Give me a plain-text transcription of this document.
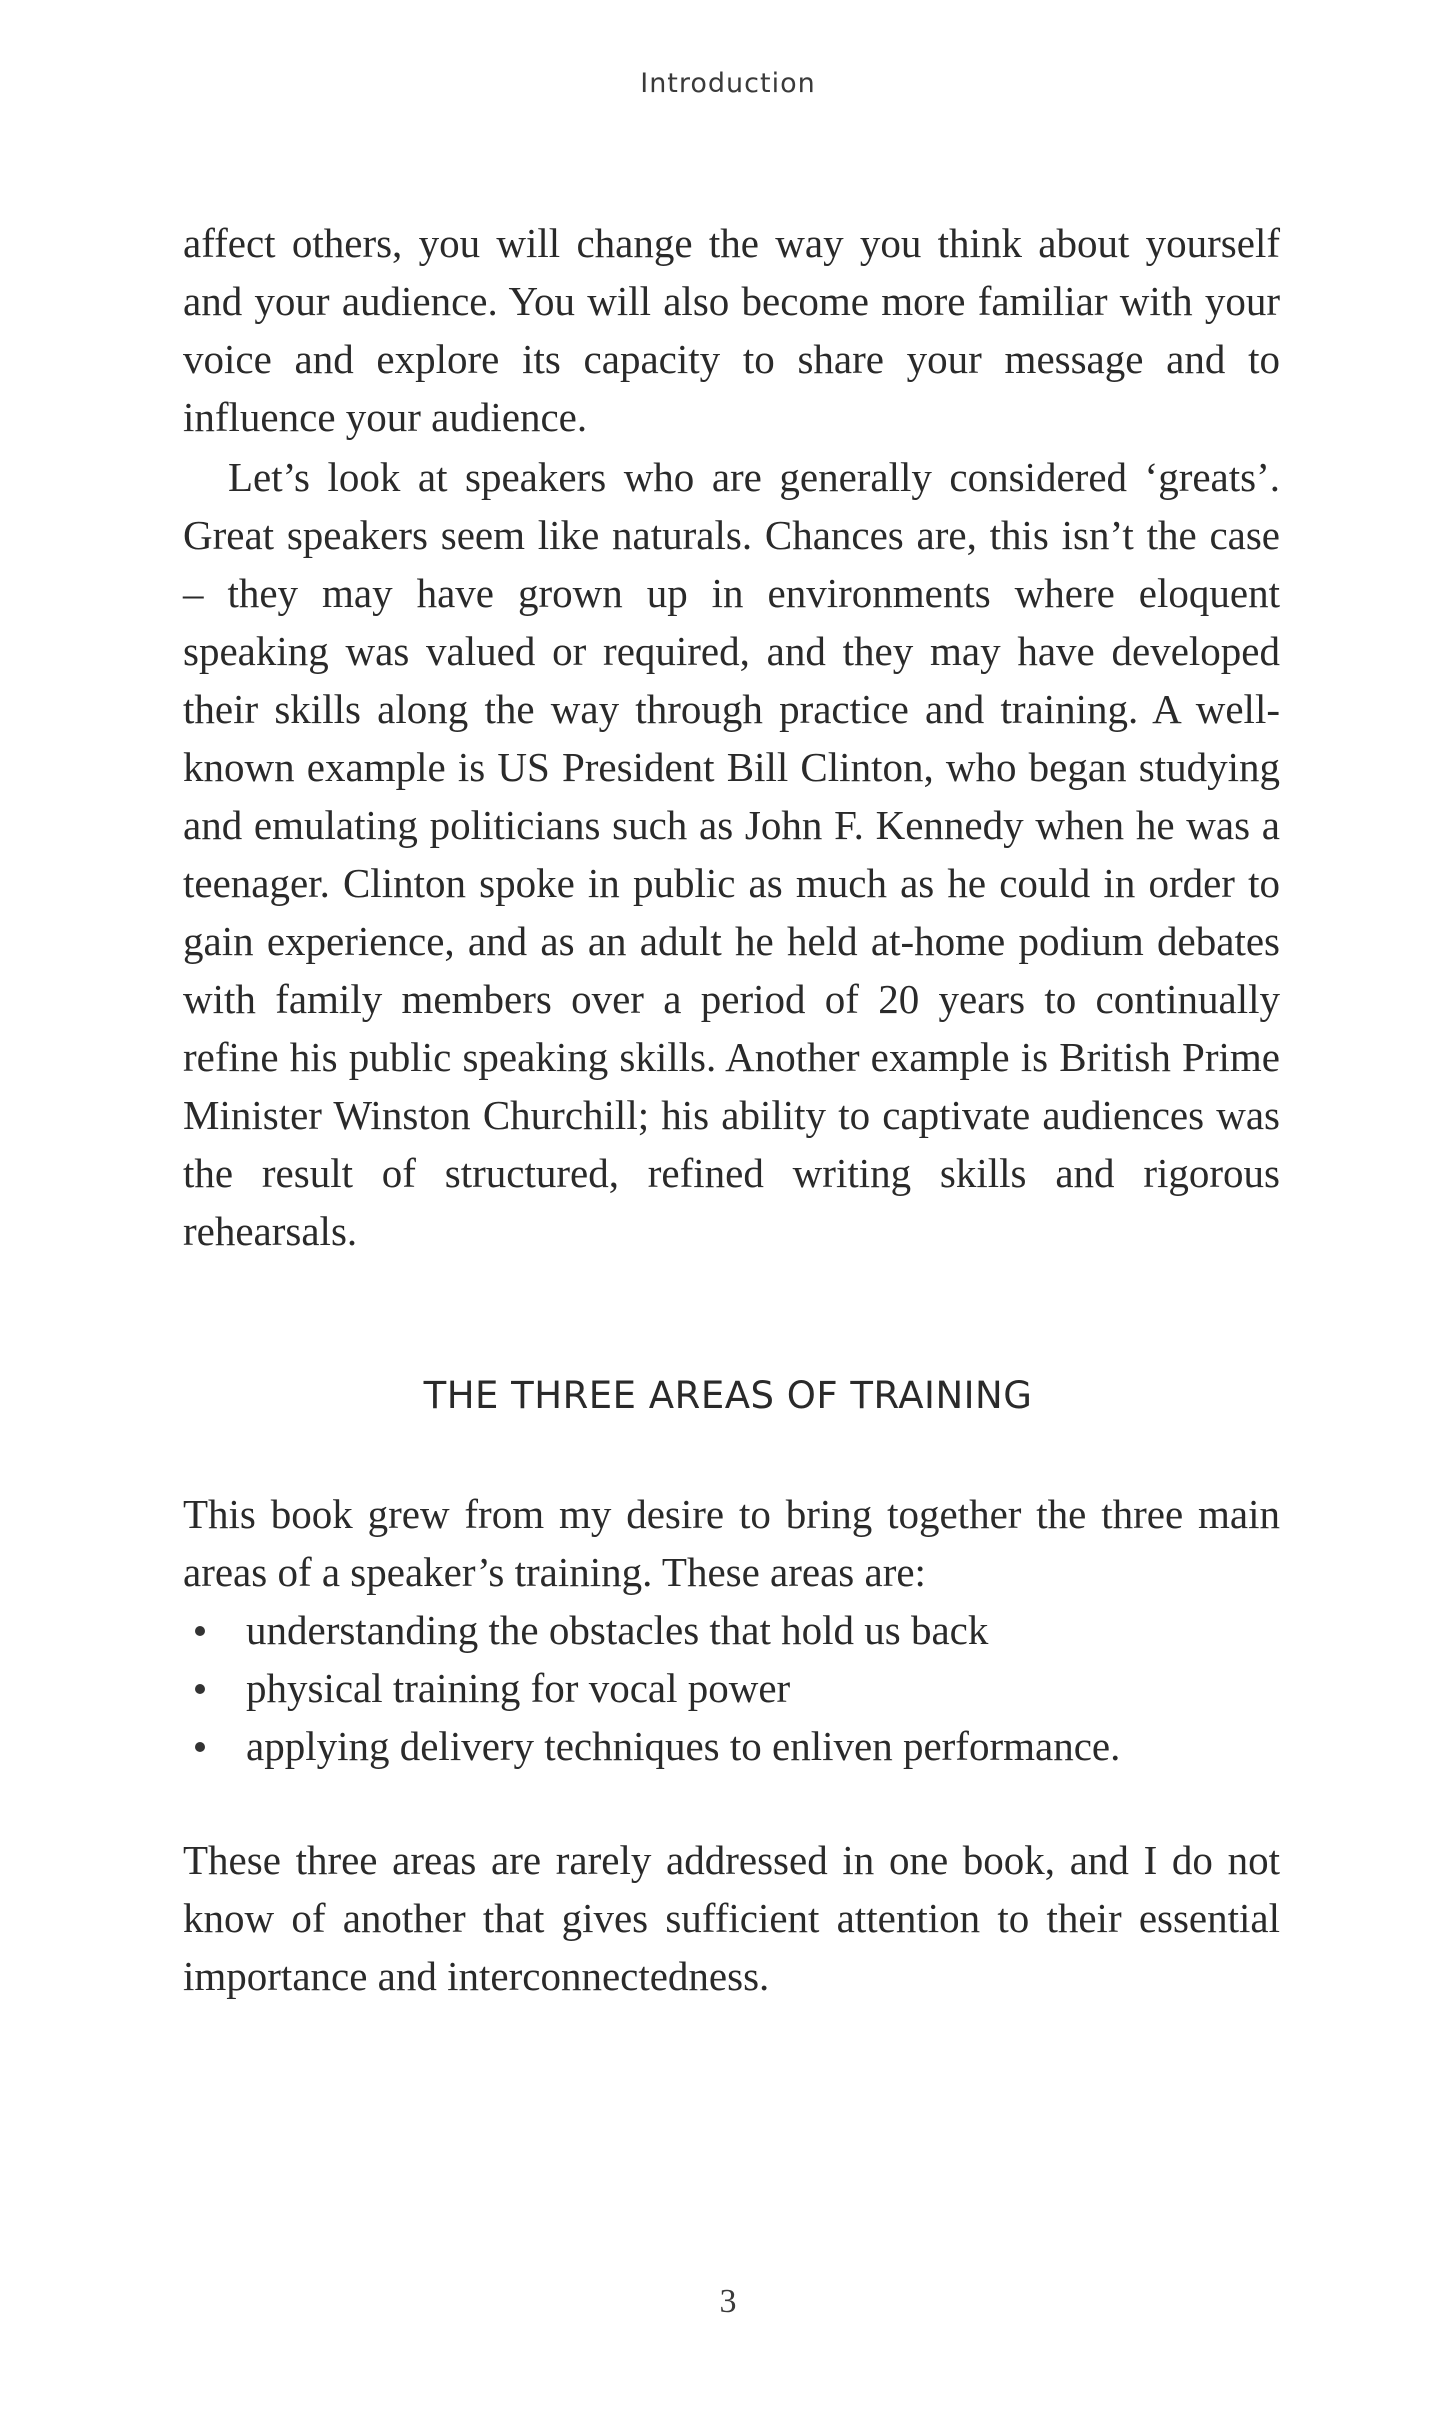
Introduction

affect others, you will change the way you think about yourself and your audience. You will also become more familiar with your voice and explore its capacity to share your message and to influence your audience.

Let’s look at speakers who are generally considered ‘greats’. Great speakers seem like naturals. Chances are, this isn’t the case – they may have grown up in environments where eloquent speaking was valued or required, and they may have developed their skills along the way through practice and training. A well-known example is US President Bill Clinton, who began studying and emulating politicians such as John F. Kennedy when he was a teenager. Clinton spoke in public as much as he could in order to gain experience, and as an adult he held at-home podium debates with family members over a period of 20 years to continually refine his public speaking skills. Another example is British Prime Minister Winston Churchill; his ability to captivate audiences was the result of structured, refined writing skills and rigorous rehearsals.

THE THREE AREAS OF TRAINING

This book grew from my desire to bring together the three main areas of a speaker’s training. These areas are:

understanding the obstacles that hold us back
physical training for vocal power
applying delivery techniques to enliven performance.

These three areas are rarely addressed in one book, and I do not know of another that gives sufficient attention to their essential importance and interconnectedness.

3
